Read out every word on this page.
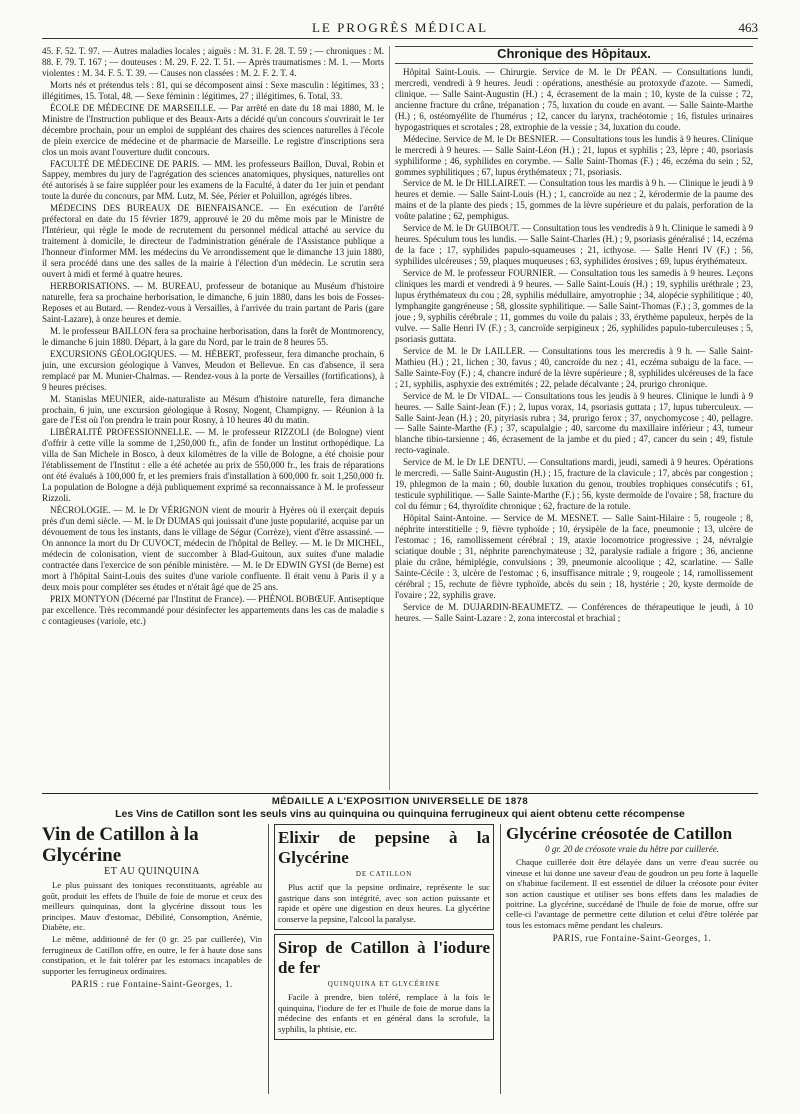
LE PROGRÈS MÉDICAL	463

45. F. 52. T. 97. — Autres maladies locales ; aiguës : M. 31. F. 28. T. 59 ; — chroniques : M. 88. F. 79. T. 167 ; — douteuses : M. 29. F. 22. T. 51. — Après traumatismes : M. 1. — Morts violentes : M. 34. F. 5. T. 39. — Causes non classées : M. 2. F. 2. T. 4.

Morts nés et prétendus tels : 81, qui se décomposent ainsi : Sexe masculin : légitimes, 33 ; illégitimes, 15. Total, 48. — Sexe féminin : légitimes, 27 ; illégitimes, 6. Total, 33.

ÉCOLE DE MÉDECINE DE MARSEILLE. — Par arrêté en date du 18 mai 1880, M. le Ministre de l'Instruction publique et des Beaux-Arts a décidé qu'un concours s'ouvrirait le 1er décembre prochain, pour un emploi de suppléant des chaires des sciences naturelles à l'école de plein exercice de médecine et de pharmacie de Marseille. Le registre d'inscriptions sera clos un mois avant l'ouverture dudit concours.

FACULTÉ DE MÉDECINE DE PARIS. — MM. les professeurs Baillon, Duval, Robin et Sappey, membres du jury de l'agrégation des sciences anatomiques, physiques, naturelles ont été autorisés à se faire suppléer pour les examens de la Faculté, à dater du 1er juin et pendant toute la durée du concours, par MM. Lutz, M. Sée, Périer et Poluillon, agrégés libres.

MÉDECINS DES BUREAUX DE BIENFAISANCE. — En exécution de l'arrêté préfectoral en date du 15 février 1879, approuvé le 20 du même mois par le Ministre de l'Intérieur, qui règle le mode de recrutement du personnel médical attaché au service du traitement à domicile, le directeur de l'administration générale de l'Assistance publique a l'honneur d'informer MM. les médecins du Ve arrondissement que le dimanche 13 juin 1880, il sera procédé dans une des salles de la mairie à l'élection d'un médecin. Le scrutin sera ouvert à midi et fermé à quatre heures.

HERBORISATIONS. — M. BUREAU, professeur de botanique au Muséum d'histoire naturelle, fera sa prochaine herborisation, le dimanche, 6 juin 1880, dans les bois de Fosses-Reposes et au Butard. — Rendez-vous à Versailles, à l'arrivée du train partant de Paris (gare Saint-Lazare), à onze heures et demie.

M. le professeur BAILLON fera sa prochaine herborisation, dans la forêt de Montmorency, le dimanche 6 juin 1880. Départ, à la gare du Nord, par le train de 8 heures 55.

EXCURSIONS GÉOLOGIQUES. — M. HÉBERT, professeur, fera dimanche prochain, 6 juin, une excursion géologique à Vanves, Meudon et Bellevue. En cas d'absence, il sera remplacé par M. Munier-Chalmas. — Rendez-vous à la porte de Versailles (fortifications), à 9 heures précises.

M. Stanislas MEUNIER, aide-naturaliste au Mésum d'histoire naturelle, fera dimanche prochain, 6 juin, une excursion géologique à Rosny, Nogent, Champigny. — Réunion à la gare de l'Est où l'on prendra le train pour Rosny, à 10 heures 40 du matin.

LIBÉRALITÉ PROFESSIONNELLE. — M. le professeur RIZZOLI (de Bologne) vient d'offrir à cette ville la somme de 1,250,000 fr., afin de fonder un Institut orthopédique. La villa de San Michele in Bosco, à deux kilomètres de la ville de Bologne, a été choisie pour l'établissement de l'Institut : elle a été achetée au prix de 550,000 fr., les frais de réparations ont été évalués à 100,000 fr, et les premiers frais d'installation à 600,000 fr. soit 1,250,000 fr. La population de Bologne a déjà publiquement exprimé sa reconnaissance à M. le professeur Rizzoli.

NÉCROLOGIE. — M. le Dr VÉRIGNON vient de mourir à Hyères où il exerçait depuis près d'un demi siècle. — M. le Dr DUMAS qui jouissait d'une juste popularité, acquise par un dévouement de tous les instants, dans le village de Ségur (Corrèze), vient d'être assassiné. — On annonce la mort du Dr CUVOCT, médecin de l'hôpital de Belley. — M. le Dr MICHEL, médecin de colonisation, vient de succomber à Blad-Guitoun, aux suites d'une maladie contractée dans l'exercice de son pénible ministère. — M. le Dr EDWIN GYSI (de Berne) est mort à l'hôpital Saint-Louis des suites d'une variole confluente. Il était venu à Paris il y a deux mois pour compléter ses études et n'était âgé que de 25 ans.

PRIX MONTYON (Décerné par l'Institut de France). — PHÉNOL BOBŒUF. Antiseptique par excellence. Très recommandé pour désinfecter les appartements dans les cas de maladie s c contagieuses (variole, etc.)

Chronique des Hôpitaux.

Hôpital Saint-Louis. — Chirurgie. Service de M. le Dr PÉAN. — Consultations lundi, mercredi, vendredi à 9 heures. Jeudi : opérations, anesthésie au protoxyde d'azote. — Samedi, clinique. — Salle Saint-Augustin (H.) ; 4, écrasement de la main ; 10, kyste de la cuisse ; 72, ancienne fracture du crâne, trépanation ; 75, luxation du coude en avant. — Salle Sainte-Marthe (H.) ; 6, ostéomyélite de l'humérus ; 12, cancer du larynx, trachéotomie ; 16, fistules urinaires hypogastriques et scrotales ; 28, extrophie de la vessie ; 34, luxation du coude.

Médecine. Service de M. le Dr BESNIER. — Consultations tous les lundis à 9 heures. Clinique le mercredi à 9 heures. — Salle Saint-Léon (H.) ; 21, lupus et syphilis ; 23, lèpre ; 40, psoriasis syphiliforme ; 46, syphilides en corymbe. — Salle Saint-Thomas (F.) ; 46, eczéma du sein ; 52, gommes syphilitiques ; 67, lupus érythémateux ; 71, psoriasis.

Service de M. le Dr HILLAIRET. — Consultation tous les mardis à 9 h. — Clinique le jeudi à 9 heures et demie. — Salle Saint-Louis (H.) ; 1, cancroïde au nez ; 2, kérodermie de la paume des mains et de la plante des pieds ; 15, gommes de la lèvre supérieure et du palais, perforation de la voûte palatine ; 62, pemphigus.

Service de M. le Dr GUIBOUT. — Consultation tous les vendredis à 9 h. Clinique le samedi à 9 heures. Spéculum tous les lundis. — Salle Saint-Charles (H.) ; 9, psoriasis généralisé ; 14, eczéma de la face ; 17, syphilides papulo-squameuses ; 21, icthyose. — Salle Henri IV (F.) ; 56, syphilides ulcéreuses ; 59, plaques muqueuses ; 63, syphilides érosives ; 69, lupus érythémateux.

Service de M. le professeur FOURNIER. — Consultation tous les samedis à 9 heures. Leçons cliniques les mardi et vendredi à 9 heures. — Salle Saint-Louis (H.) ; 19, syphilis uréthrale ; 23, lupus érythémateux du cou ; 28, syphilis médullaire, amyotrophie ; 34, alopécie syphilitique ; 40, lymphangite gangréneuse ; 58, glossite syphilitique. — Salle Saint-Thomas (F.) ; 3, gommes de la joue ; 9, syphilis cérébrale ; 11, gommes du voile du palais ; 33, érythème papuleux, herpès de la vulve. — Salle Henri IV (F.) ; 3, cancroïde serpigineux ; 26, syphilides papulo-tuberculeuses ; 5, psoriasis guttata.

Service de M. le Dr LAILLER. — Consultations tous les mercredis à 9 h. — Salle Saint-Mathieu (H.) ; 21, lichen ; 30, favus ; 40, cancroïde du nez ; 41, eczéma subaigu de la face. — Salle Sainte-Foy (F.) ; 4, chancre induré de la lèvre supérieure ; 8, syphilides ulcéreuses de la face ; 21, syphilis, asphyxie des extrémités ; 22, pelade décalvante ; 24, prurigo chronique.

Service de M. le Dr VIDAL. — Consultations tous les jeudis à 9 heures. Clinique le lundi à 9 heures. — Salle Saint-Jean (F.) ; 2, lupus vorax, 14, psoriasis guttata ; 17, lupus tuberculeux. — Salle Saint-Jean (H.) ; 20, pityriasis rubra ; 34, prurigo ferox ; 37, onychomycose ; 40, pellagre. — Salle Sainte-Marthe (F.) ; 37, scapulalgie ; 40, sarcome du maxillaire inférieur ; 43, tumeur blanche tibio-tarsienne ; 46, écrasement de la jambe et du pied ; 47, cancer du sein ; 49, fistule recto-vaginale.

Service de M. le Dr LE DENTU. — Consultations mardi, jeudi, samedi à 9 heures. Opérations le mercredi. — Salle Saint-Augustin (H.) ; 15, fracture de la clavicule ; 17, abcès par congestion ; 19, phlegmon de la main ; 60, double luxation du genou, troubles trophiques consécutifs ; 61, testicule syphilitique. — Salle Sainte-Marthe (F.) ; 56, kyste dermoïde de l'ovaire ; 58, fracture du col du fémur ; 64, thyroïdite chronique ; 62, fracture de la rotule.

Hôpital Saint-Antoine. — Service de M. MESNET. — Salle Saint-Hilaire : 5, rougeole ; 8, néphrite interstitielle ; 9, fièvre typhoïde ; 10, érysipèle de la face, pneumonie ; 13, ulcère de l'estomac ; 16, ramollissement cérébral ; 19, ataxie locomotrice progressive ; 24, névralgie sciatique double ; 31, néphrite parenchymateuse ; 32, paralysie radiale a frigore ; 36, ancienne plaie du crâne, hémiplégie, convulsions ; 39, pneumonie alcoolique ; 42, scarlatine. — Salle Sainte-Cécile : 3, ulcère de l'estomac ; 6, insuffisance mitrale ; 9, rougeole ; 14, ramollissement cérébral ; 15, rechute de fièvre typhoïde, abcès du sein ; 18, hystérie ; 20, kyste dermoïde de l'ovaire ; 22, syphilis grave.

Service de M. DUJARDIN-BEAUMETZ. — Conférences de thérapeutique le jeudi, à 10 heures. — Salle Saint-Lazare : 2, zona intercostal et brachial ;

MÉDAILLE A L'EXPOSITION UNIVERSELLE DE 1878
Les Vins de Catillon sont les seuls vins au quinquina ou quinquina ferrugineux qui aient obtenu cette récompense
Vin de Catillon à la Glycérine
ET AU QUINQUINA

Le plus puissant des toniques reconstituants, agréable au goût, produit les effets de l'huile de foie de morue et ceux des meilleurs quinquinas, dont la glycérine dissout tous les principes. Mauv d'estomac, Débilité, Consomption, Anémie, Diabète, etc.

Le même, additionné de fer (0 gr. 25 par cuillerée), Vin ferrugineux de Catillon offre, en outre, le fer à haute dose sans constipation, et le fait tolérer par les estomacs incapables de supporter les ferrugineux ordinaires.

PARIS : rue Fontaine-Saint-Georges, 1.
Elixir de pepsine à la Glycérine
DE CATILLON

Plus actif que la pepsine ordinaire, représente le suc gastrique dans son intégrité, avec son action puissante et rapide et opère une digestion en deux heures. La glycérine conserve la pepsine, l'alcool la paralyse.

Sirop de Catillon à l'iodure de fer
QUINQUINA ET GLYCÉRINE

Facile à prendre, bien toléré, remplace à la fois le quinquina, l'iodure de fer et l'huile de foie de morue dans la médecine des enfants et en général dans la scrofule, la syphilis, la phtisie, etc.

Glycérine créosotée de Catillon
0 gr. 20 de créosote vraie du hêtre par cuillerée.

Chaque cuillerée doit être délayée dans un verre d'eau sucrée ou vineuse et lui donne une saveur d'eau de goudron un peu forte à laquelle on s'habitue facilement. Il est essentiel de diluer la créosote pour éviter son action caustique et utiliser ses bons effets dans les maladies de poitrine. La glycérine, succédané de l'huile de foie de morue, offre sur celle-ci l'avantage de permettre cette dilution et celui d'être tolérée par tous les estomacs même pendant les chaleurs.

PARIS, rue Fontaine-Saint-Georges, 1.
